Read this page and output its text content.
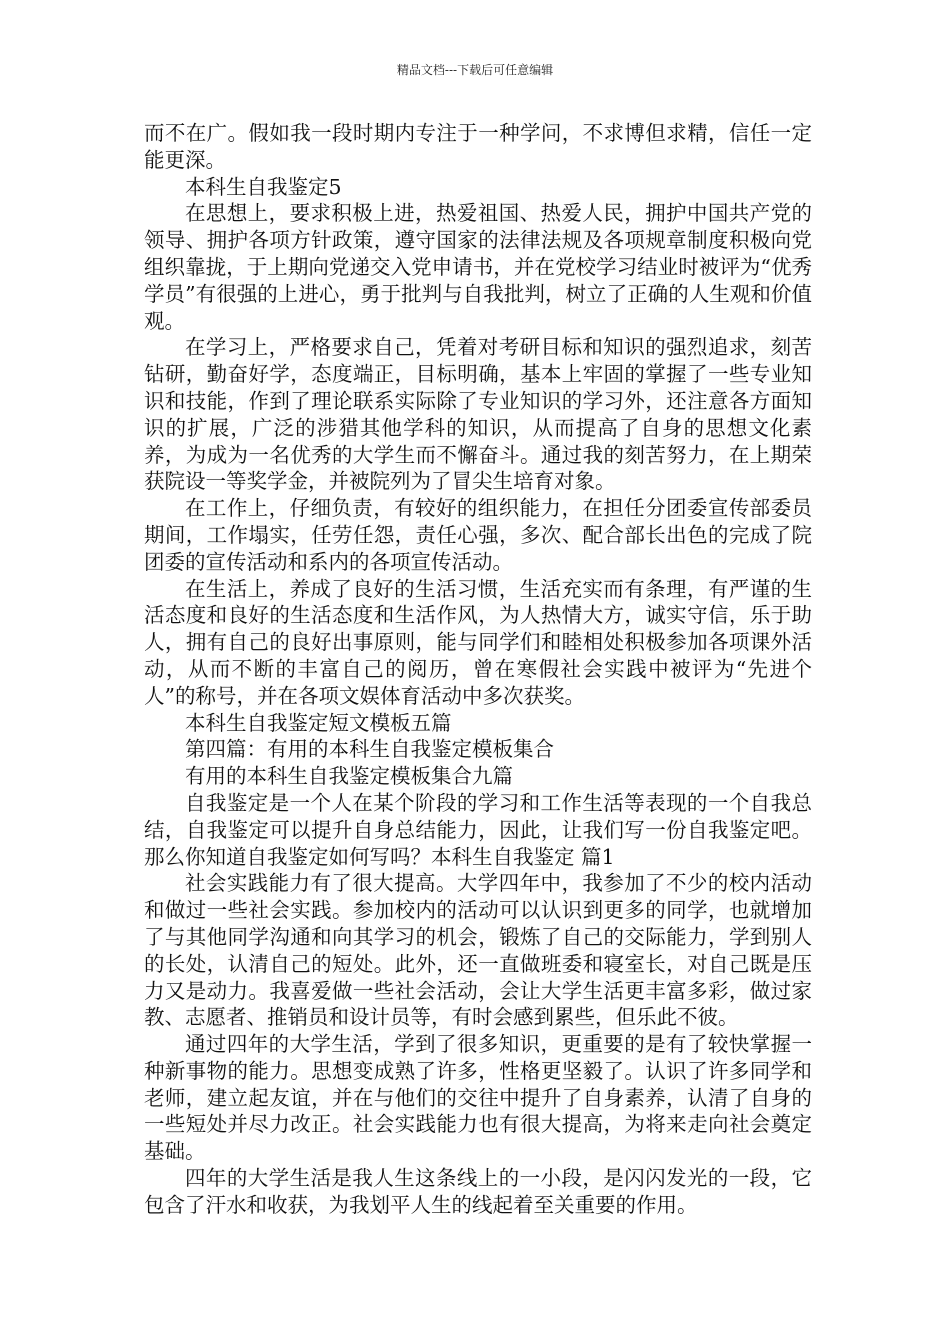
精品文档---下载后可任意编辑

而不在广。假如我一段时期内专注于一种学问，不求博但求精，信任一定能更深。

本科生自我鉴定5

在思想上，要求积极上进，热爱祖国、热爱人民，拥护中国共产党的领导、拥护各项方针政策，遵守国家的法律法规及各项规章制度积极向党组织靠拢，于上期向党递交入党申请书，并在党校学习结业时被评为“优秀学员”有很强的上进心，勇于批判与自我批判，树立了正确的人生观和价值观。

在学习上，严格要求自己，凭着对考研目标和知识的强烈追求，刻苦钻研，勤奋好学，态度端正，目标明确，基本上牢固的掌握了一些专业知识和技能，作到了理论联系实际除了专业知识的学习外，还注意各方面知识的扩展，广泛的涉猎其他学科的知识，从而提高了自身的思想文化素养，为成为一名优秀的大学生而不懈奋斗。通过我的刻苦努力，在上期荣获院设一等奖学金，并被院列为了冒尖生培育对象。

在工作上，仔细负责，有较好的组织能力，在担任分团委宣传部委员期间，工作塌实，任劳任怨，责任心强，多次、配合部长出色的完成了院团委的宣传活动和系内的各项宣传活动。

在生活上，养成了良好的生活习惯，生活充实而有条理，有严谨的生活态度和良好的生活态度和生活作风，为人热情大方，诚实守信，乐于助人，拥有自己的良好出事原则，能与同学们和睦相处积极参加各项课外活动，从而不断的丰富自己的阅历，曾在寒假社会实践中被评为“先进个人”的称号，并在各项文娱体育活动中多次获奖。

本科生自我鉴定短文模板五篇

第四篇：有用的本科生自我鉴定模板集合

有用的本科生自我鉴定模板集合九篇

自我鉴定是一个人在某个阶段的学习和工作生活等表现的一个自我总结，自我鉴定可以提升自身总结能力，因此，让我们写一份自我鉴定吧。那么你知道自我鉴定如何写吗？本科生自我鉴定 篇1

社会实践能力有了很大提高。大学四年中，我参加了不少的校内活动和做过一些社会实践。参加校内的活动可以认识到更多的同学，也就增加了与其他同学沟通和向其学习的机会，锻炼了自己的交际能力，学到别人的长处，认清自己的短处。此外，还一直做班委和寝室长，对自己既是压力又是动力。我喜爱做一些社会活动，会让大学生活更丰富多彩，做过家教、志愿者、推销员和设计员等，有时会感到累些，但乐此不彼。

通过四年的大学生活，学到了很多知识，更重要的是有了较快掌握一种新事物的能力。思想变成熟了许多，性格更坚毅了。认识了许多同学和老师，建立起友谊，并在与他们的交往中提升了自身素养，认清了自身的一些短处并尽力改正。社会实践能力也有很大提高，为将来走向社会奠定基础。

四年的大学生活是我人生这条线上的一小段，是闪闪发光的一段，它包含了汗水和收获，为我划平人生的线起着至关重要的作用。
